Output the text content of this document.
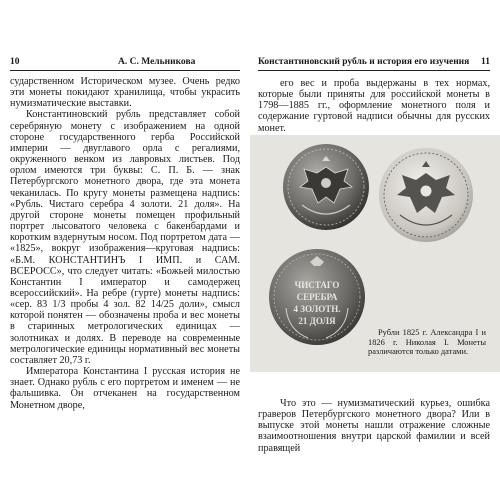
10	А. С. Мельникова

сударственном Историческом музее. Очень редко эти монеты покидают хранилища, чтобы украсить нумизматические выставки.

Константиновский рубль представляет собой серебряную монету с изображением на одной стороне государственного герба Российской империи — двуглавого орла с регалиями, окруженного венком из лавровых листьев. Под орлом имеются три буквы: С. П. Б. — знак Петербургского монетного двора, где эта монета чеканилась. По кругу монеты размещена надпись: «Рубль. Чистаго серебра 4 золоти. 21 доля». На другой стороне монеты помещен профильный портрет лысоватого человека с бакенбардами и коротким вздернутым носом. Под портретом дата — «1825», вокруг изображения—круговая надпись: «Б.М. КОНСТАНТИНЪ I ИМП. и САМ. ВСЕРОСС», что следует читать: «Божьей милостью Константин I император и самодержец всероссийский». На ребре (гурте) монеты надпись: «сер. 83 1/3 пробы 4 зол. 82 14/25 доли», смысл которой понятен — обозначены проба и вес монеты в старинных метрологических единицах — золотниках и долях. В переводе на современные метрологические единицы нормативный вес монеты составляет 20,73 г.

Императора Константина I русская история не знает. Однако рубль с его портретом и именем — не фальшивка. Он отчеканен на государственном Монетном дворе,

Константиновский рубль и история его изучения 11

его вес и проба выдержаны в тех нормах, которые были приняты для российской монеты в 1798—1885 гг., оформление монетного поля и содержание гуртовой надписи обычны для русских монет.

ЧИСТАГО
СЕРЕБРА
4 ЗОЛОТН.
21 ДОЛЯ

Рубли 1825 г. Александра I и 1826 г. Николая I. Монеты различаются только датами.

Что это — нумизматический курьез, ошибка граверов Петербургского монетного двора? Или в выпуске этой монеты нашли отражение сложные взаимоотношения внутри царской фамилии и всей правящей
